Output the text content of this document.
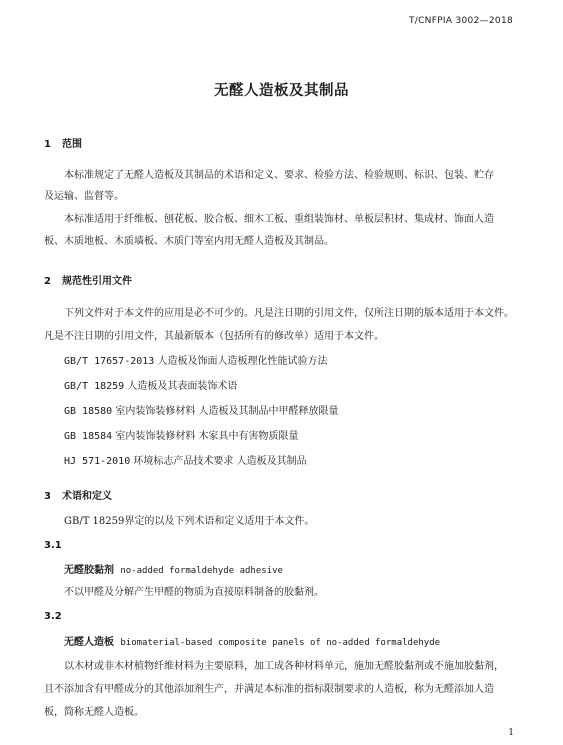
T/CNFPIA 3002—2018
无醛人造板及其制品
1 范围
本标准规定了无醛人造板及其制品的术语和定义、要求、检验方法、检验规则、标识、包装、贮存
及运输、监督等。
本标准适用于纤维板、刨花板、胶合板、细木工板、重组装饰材、单板层积材、集成材、饰面人造
板、木质地板、木质墙板、木质门等室内用无醛人造板及其制品。
2 规范性引用文件
下列文件对于本文件的应用是必不可少的。凡是注日期的引用文件，仅所注日期的版本适用于本文件。
凡是不注日期的引用文件，其最新版本（包括所有的修改单）适用于本文件。
GB/T 17657-2013 人造板及饰面人造板理化性能试验方法
GB/T 18259 人造板及其表面装饰术语
GB 18580 室内装饰装修材料 人造板及其制品中甲醛释放限量
GB 18584 室内装饰装修材料 木家具中有害物质限量
HJ 571-2010 环境标志产品技术要求 人造板及其制品
3 术语和定义
GB/T 18259界定的以及下列术语和定义适用于本文件。
3.1
无醛胶黏剂 no-added formaldehyde adhesive
不以甲醛及分解产生甲醛的物质为直接原料制备的胶黏剂。
3.2
无醛人造板 biomaterial-based composite panels of no-added formaldehyde
以木材或非木材植物纤维材料为主要原料，加工成各种材料单元，施加无醛胶黏剂或不施加胶黏剂，
且不添加含有甲醛成分的其他添加剂生产，并满足本标准的指标限制要求的人造板，称为无醛添加人造
板，简称无醛人造板。
1
